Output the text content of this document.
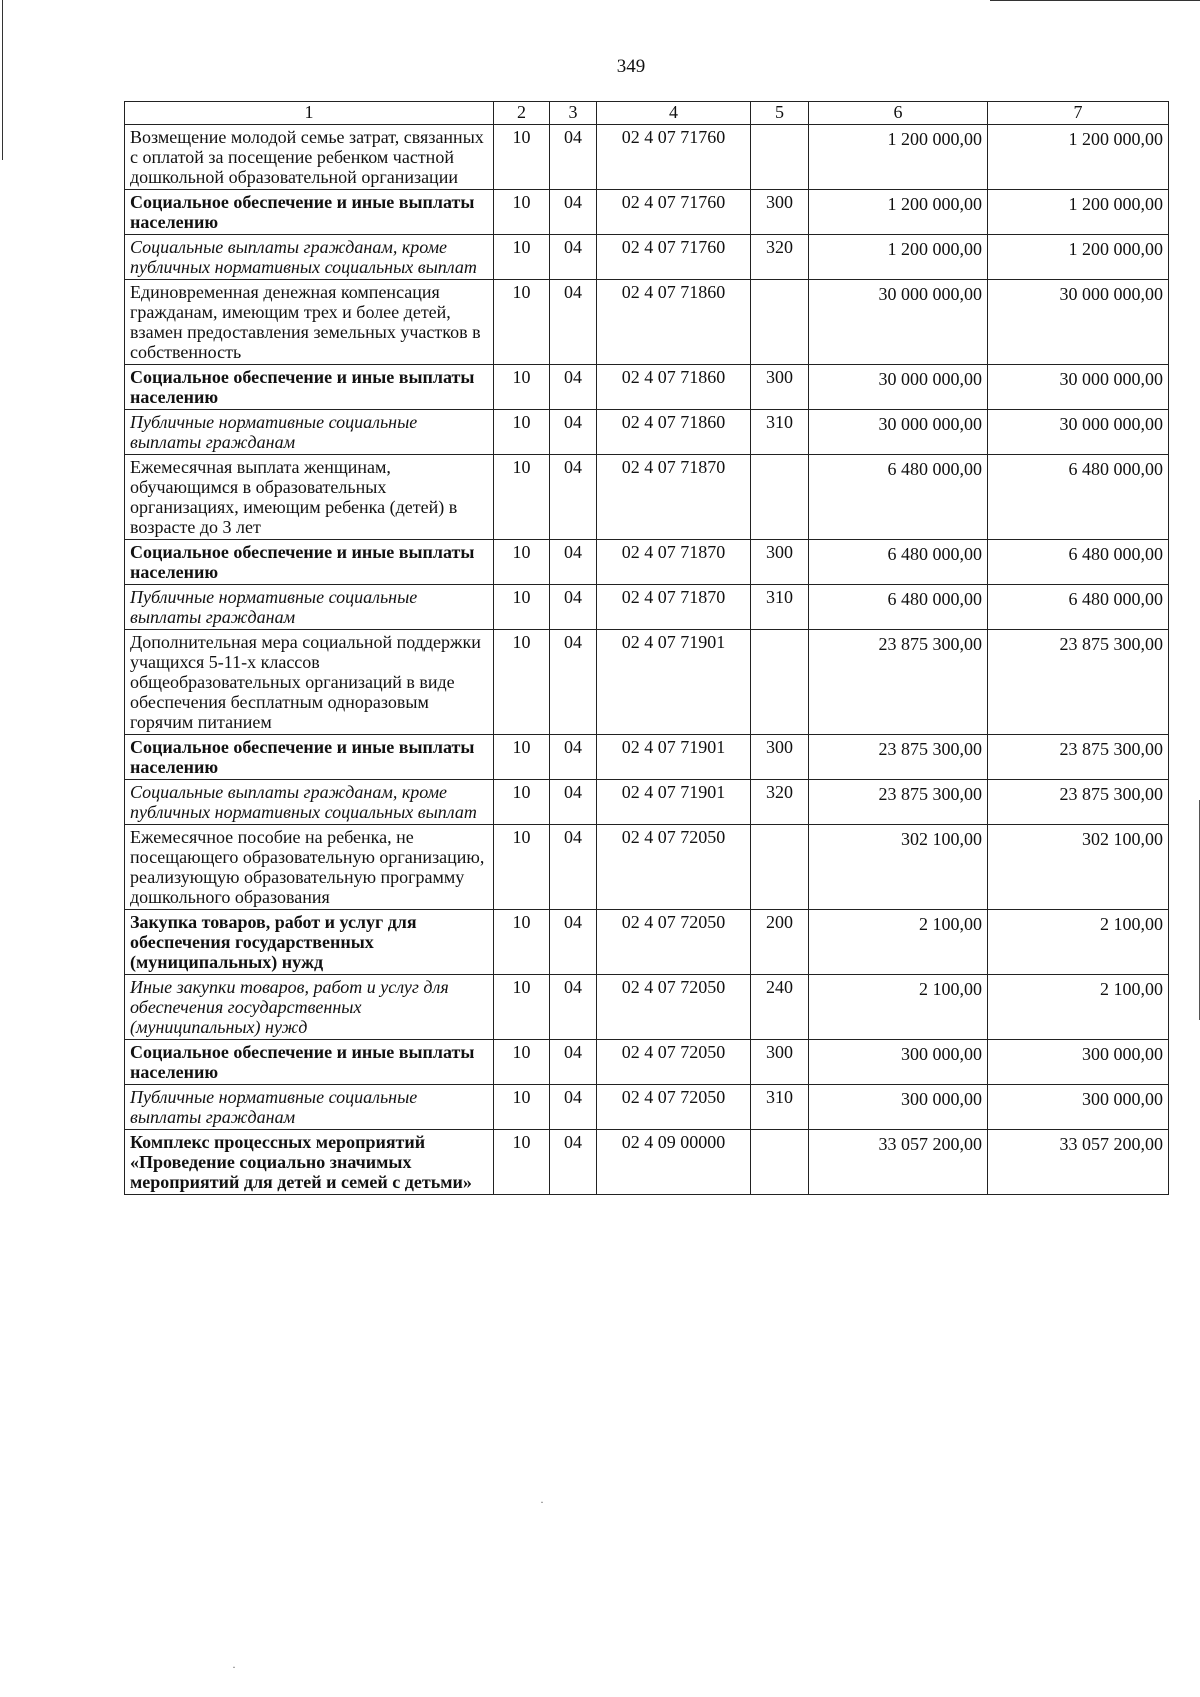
349
1	2	3	4	5	6	7
Возмещение молодой семье затрат, связанных с оплатой за посещение ребенком частной дошкольной образовательной организации	10	04	02 4 07 71760		1 200 000,00	1 200 000,00
Социальное обеспечение и иные выплаты населению	10	04	02 4 07 71760	300	1 200 000,00	1 200 000,00
Социальные выплаты гражданам, кроме публичных нормативных социальных выплат	10	04	02 4 07 71760	320	1 200 000,00	1 200 000,00
Единовременная денежная компенсация гражданам, имеющим трех и более детей, взамен предоставления земельных участков в собственность	10	04	02 4 07 71860		30 000 000,00	30 000 000,00
Социальное обеспечение и иные выплаты населению	10	04	02 4 07 71860	300	30 000 000,00	30 000 000,00
Публичные нормативные социальные выплаты гражданам	10	04	02 4 07 71860	310	30 000 000,00	30 000 000,00
Ежемесячная выплата женщинам, обучающимся в образовательных организациях, имеющим ребенка (детей) в возрасте до 3 лет	10	04	02 4 07 71870		6 480 000,00	6 480 000,00
Социальное обеспечение и иные выплаты населению	10	04	02 4 07 71870	300	6 480 000,00	6 480 000,00
Публичные нормативные социальные выплаты гражданам	10	04	02 4 07 71870	310	6 480 000,00	6 480 000,00
Дополнительная мера социальной поддержки учащихся 5-11-х классов общеобразовательных организаций в виде обеспечения бесплатным одноразовым горячим питанием	10	04	02 4 07 71901		23 875 300,00	23 875 300,00
Социальное обеспечение и иные выплаты населению	10	04	02 4 07 71901	300	23 875 300,00	23 875 300,00
Социальные выплаты гражданам, кроме публичных нормативных социальных выплат	10	04	02 4 07 71901	320	23 875 300,00	23 875 300,00
Ежемесячное пособие на ребенка, не посещающего образовательную организацию, реализующую образовательную программу дошкольного образования	10	04	02 4 07 72050		302 100,00	302 100,00
Закупка товаров, работ и услуг для обеспечения государственных (муниципальных) нужд	10	04	02 4 07 72050	200	2 100,00	2 100,00
Иные закупки товаров, работ и услуг для обеспечения государственных (муниципальных) нужд	10	04	02 4 07 72050	240	2 100,00	2 100,00
Социальное обеспечение и иные выплаты населению	10	04	02 4 07 72050	300	300 000,00	300 000,00
Публичные нормативные социальные выплаты гражданам	10	04	02 4 07 72050	310	300 000,00	300 000,00
Комплекс процессных мероприятий «Проведение социально значимых мероприятий для детей и семей с детьми»	10	04	02 4 09 00000		33 057 200,00	33 057 200,00
·
·
